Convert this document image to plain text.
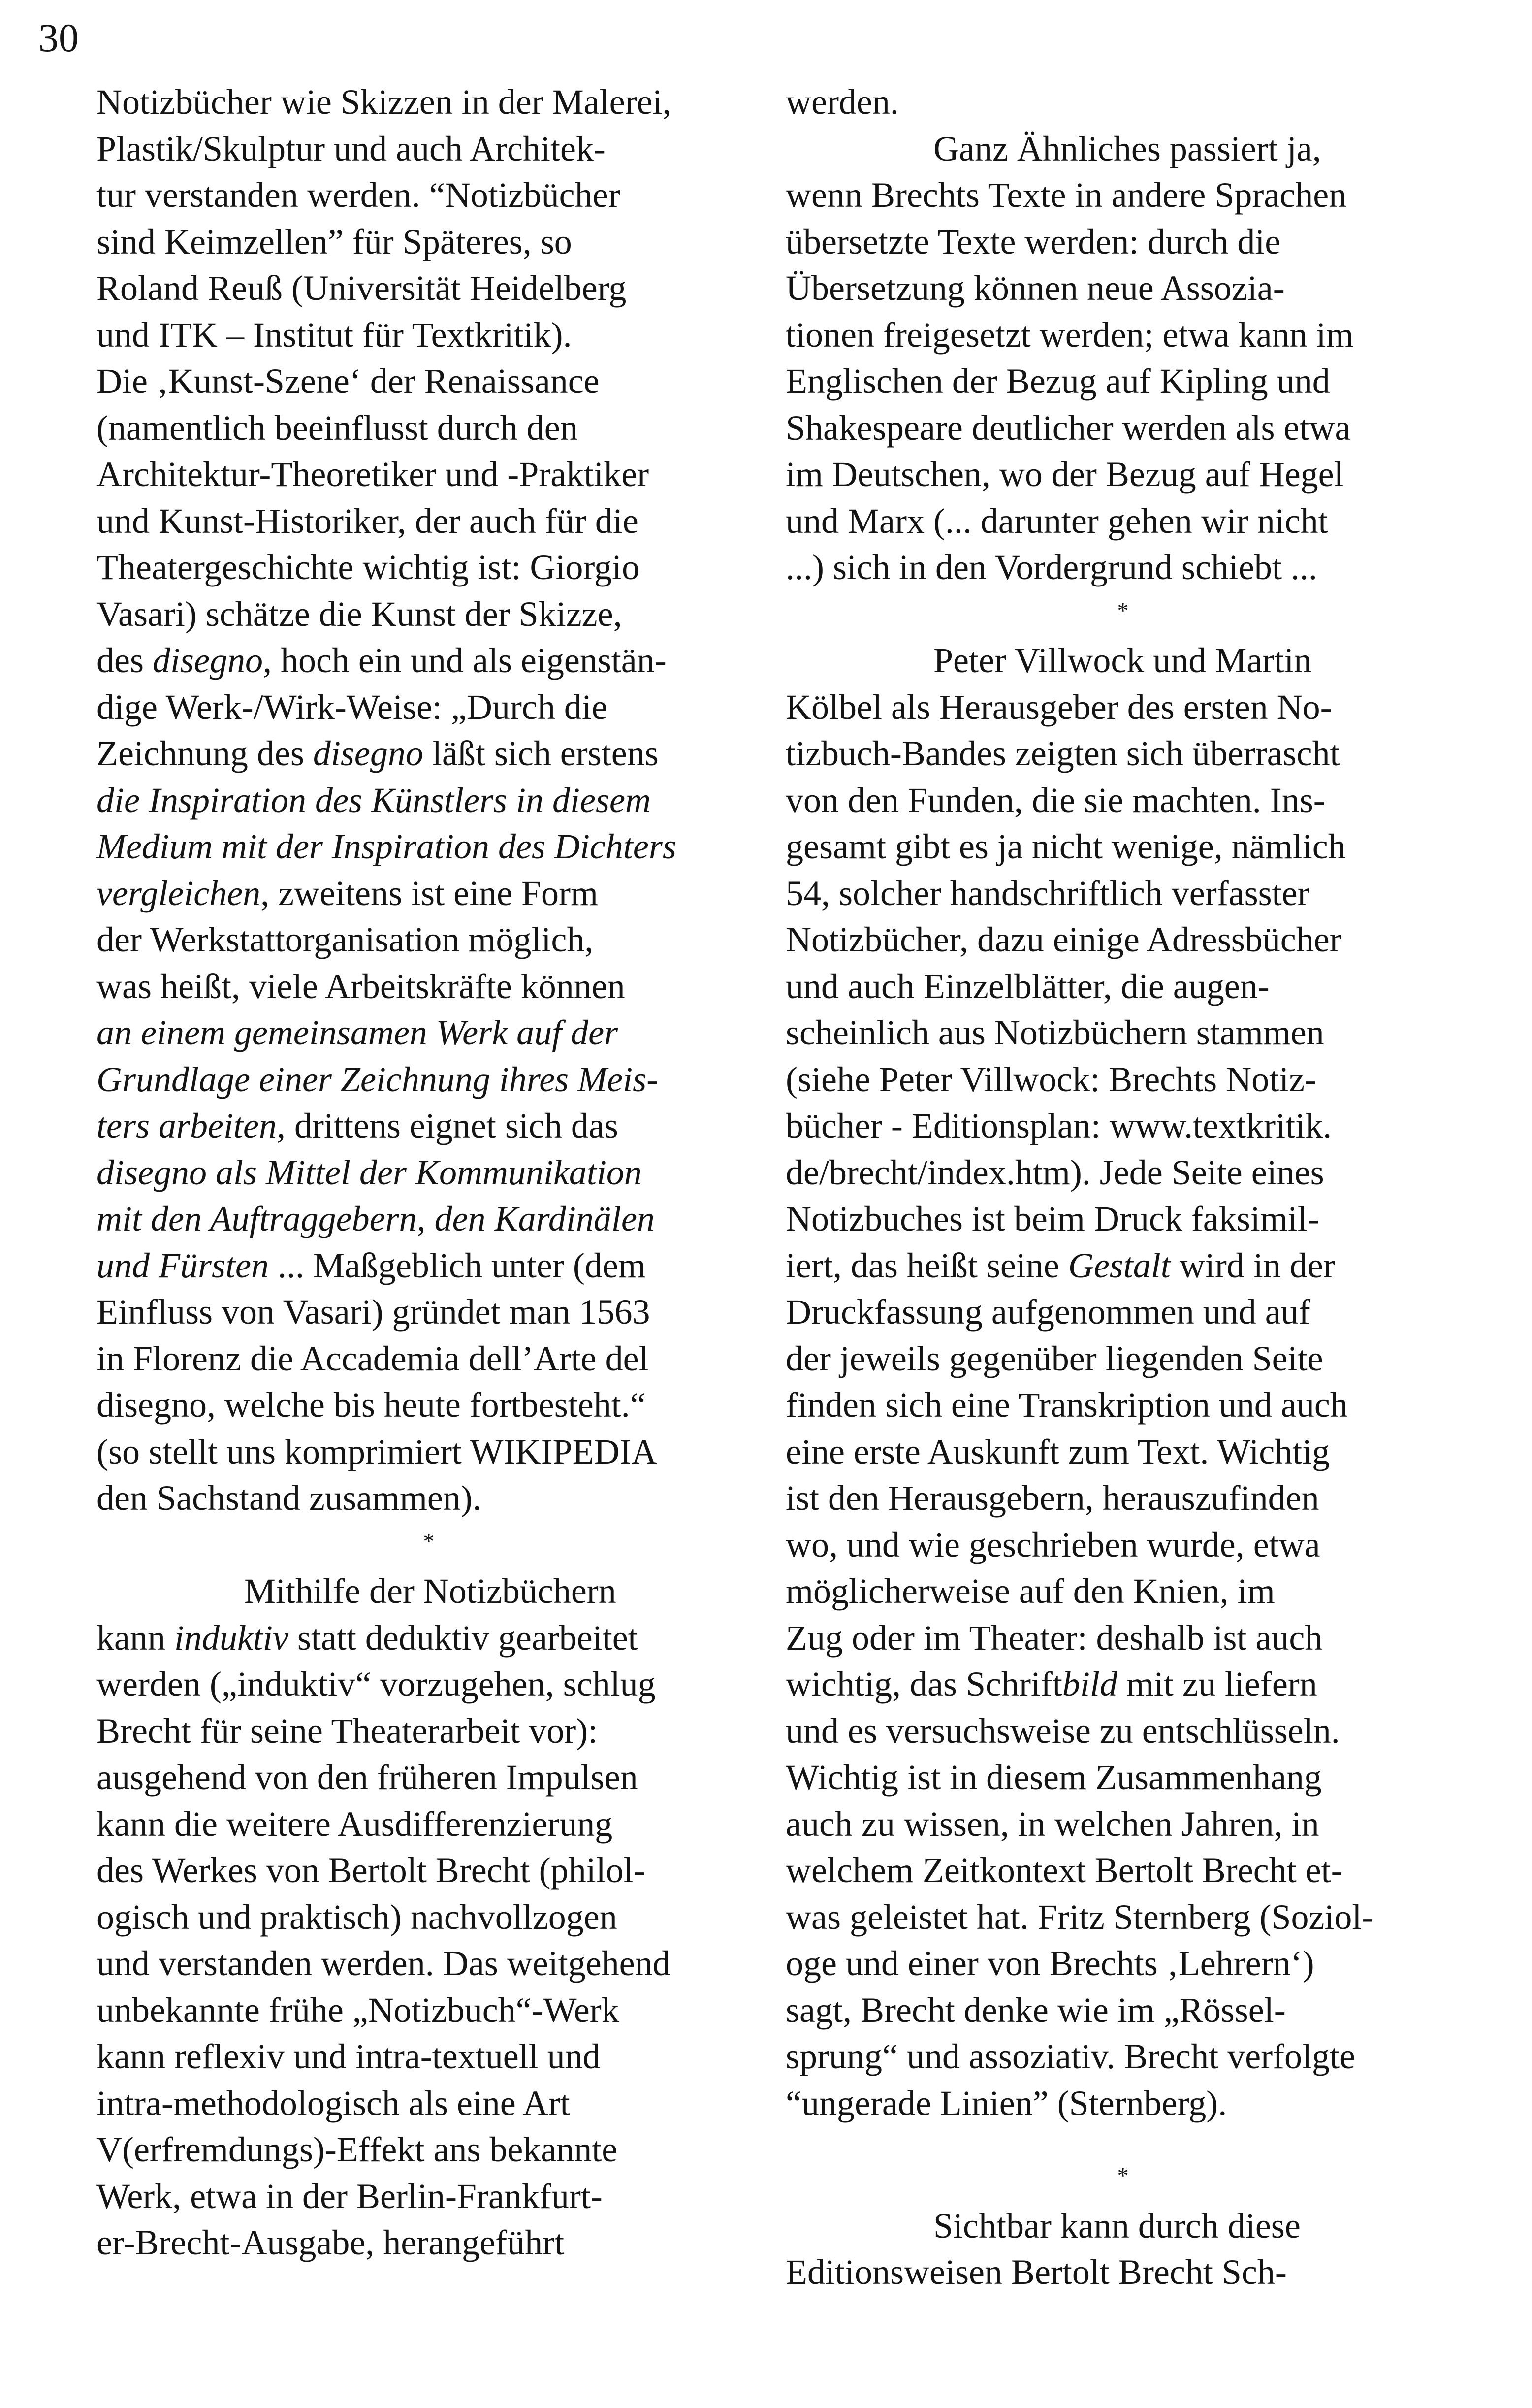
30

Notizbücher wie Skizzen in der Malerei,

Plastik/Skulptur und auch Architek-

tur verstanden werden. “Notizbücher

sind Keimzellen” für Späteres, so

Roland Reuß (Universität Heidelberg

und ITK – Institut für Textkritik).

Die ‚Kunst-Szene‘ der Renaissance

(namentlich beeinflusst durch den

Architektur-Theoretiker und -Praktiker

und Kunst-Historiker, der auch für die

Theatergeschichte wichtig ist: Giorgio

Vasari) schätze die Kunst der Skizze,

des disegno, hoch ein und als eigenstän-

dige Werk-/Wirk-Weise: „Durch die

Zeichnung des disegno läßt sich erstens

die Inspiration des Künstlers in diesem

Medium mit der Inspiration des Dichters

vergleichen, zweitens ist eine Form

der Werkstattorganisation möglich,

was heißt, viele Arbeitskräfte können

an einem gemeinsamen Werk auf der

Grundlage einer Zeichnung ihres Meis-

ters arbeiten, drittens eignet sich das

disegno als Mittel der Kommunikation

mit den Auftraggebern, den Kardinälen

und Fürsten ... Maßgeblich unter (dem

Einfluss von Vasari) gründet man 1563

in Florenz die Accademia dell’Arte del

disegno, welche bis heute fortbesteht.“

(so stellt uns komprimiert WIKIPEDIA

den Sachstand zusammen).

*

Mithilfe der Notizbüchern

kann induktiv statt deduktiv gearbeitet

werden („induktiv“ vorzugehen, schlug

Brecht für seine Theaterarbeit vor):

ausgehend von den früheren Impulsen

kann die weitere Ausdifferenzierung

des Werkes von Bertolt Brecht (philol-

ogisch und praktisch) nachvollzogen

und verstanden werden. Das weitgehend

unbekannte frühe „Notizbuch“-Werk

kann reflexiv und intra-textuell und

intra-methodologisch als eine Art

V(erfremdungs)-Effekt ans bekannte

Werk, etwa in der Berlin-Frankfurt-

er-Brecht-Ausgabe, herangeführt

werden.

Ganz Ähnliches passiert ja,

wenn Brechts Texte in andere Sprachen

übersetzte Texte werden: durch die

Übersetzung können neue Assozia-

tionen freigesetzt werden; etwa kann im

Englischen der Bezug auf Kipling und

Shakespeare deutlicher werden als etwa

im Deutschen, wo der Bezug auf Hegel

und Marx (... darunter gehen wir nicht

...) sich in den Vordergrund schiebt ...

*

Peter Villwock und Martin

Kölbel als Herausgeber des ersten No-

tizbuch-Bandes zeigten sich überrascht

von den Funden, die sie machten. Ins-

gesamt gibt es ja nicht wenige, nämlich

54, solcher handschriftlich verfasster

Notizbücher, dazu einige Adressbücher

und auch Einzelblätter, die augen-

scheinlich aus Notizbüchern stammen

(siehe Peter Villwock: Brechts Notiz-

bücher - Editionsplan: www.textkritik.

de/brecht/index.htm). Jede Seite eines

Notizbuches ist beim Druck faksimil-

iert, das heißt seine Gestalt wird in der

Druckfassung aufgenommen und auf

der jeweils gegenüber liegenden Seite

finden sich eine Transkription und auch

eine erste Auskunft zum Text. Wichtig

ist den Herausgebern, herauszufinden

wo, und wie geschrieben wurde, etwa

möglicherweise auf den Knien, im

Zug oder im Theater: deshalb ist auch

wichtig, das Schriftbild mit zu liefern

und es versuchsweise zu entschlüsseln.

Wichtig ist in diesem Zusammenhang

auch zu wissen, in welchen Jahren, in

welchem Zeitkontext Bertolt Brecht et-

was geleistet hat. Fritz Sternberg (Soziol-

oge und einer von Brechts ‚Lehrern‘)

sagt, Brecht denke wie im „Rössel-

sprung“ und assoziativ. Brecht verfolgte

“ungerade Linien” (Sternberg).

*

Sichtbar kann durch diese

Editionsweisen Bertolt Brecht Sch-
